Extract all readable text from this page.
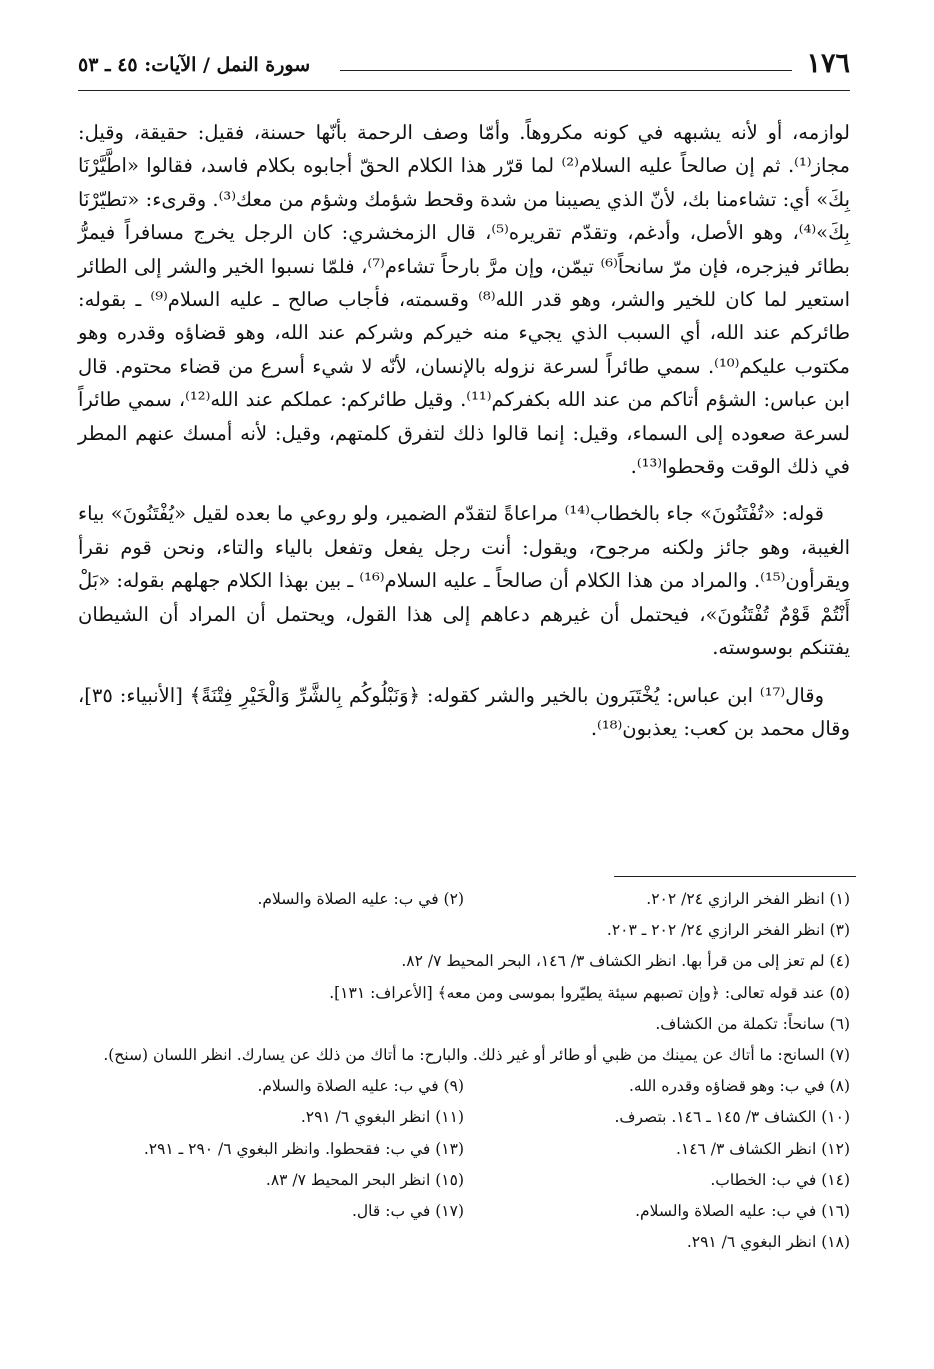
١٧٦
سورة النمل / الآيات: ٤٥ ـ ٥٣

لوازمه، أو لأنه يشبهه في كونه مكروهاً. وأمّا وصف الرحمة بأنّها حسنة، فقيل: حقيقة، وقيل: مجاز⁽¹⁾. ثم إن صالحاً عليه السلام⁽²⁾ لما قرّر هذا الكلام الحقّ أجابوه بكلام فاسد، فقالوا «اطَّيَّرْنَا بِكَ» أي: تشاءمنا بك، لأنّ الذي يصيبنا من شدة وقحط شؤمك وشؤم من معك⁽³⁾. وقرىء: «تطيّرْنَا بِكَ»⁽⁴⁾، وهو الأصل، وأدغم، وتقدّم تقريره⁽⁵⁾، قال الزمخشري: كان الرجل يخرج مسافراً فيمرُّ بطائر فيزجره، فإن مرّ سانحاً⁽⁶⁾ تيمّن، وإن مرَّ بارحاً تشاءم⁽⁷⁾، فلمّا نسبوا الخير والشر إلى الطائر استعير لما كان للخير والشر، وهو قدر الله⁽⁸⁾ وقسمته، فأجاب صالح ـ عليه السلام⁽⁹⁾ ـ بقوله: طائركم عند الله، أي السبب الذي يجيء منه خيركم وشركم عند الله، وهو قضاؤه وقدره وهو مكتوب عليكم⁽¹⁰⁾. سمي طائراً لسرعة نزوله بالإنسان، لأنّه لا شيء أسرع من قضاء محتوم. قال ابن عباس: الشؤم أتاكم من عند الله بكفركم⁽¹¹⁾. وقيل طائركم: عملكم عند الله⁽¹²⁾، سمي طائراً لسرعة صعوده إلى السماء، وقيل: إنما قالوا ذلك لتفرق كلمتهم، وقيل: لأنه أمسك عنهم المطر في ذلك الوقت وقحطوا⁽¹³⁾.

قوله: «تُفْتَنُونَ» جاء بالخطاب⁽¹⁴⁾ مراعاةً لتقدّم الضمير، ولو روعي ما بعده لقيل «يُفْتَنُونَ» بياء الغيبة، وهو جائز ولكنه مرجوح، ويقول: أنت رجل يفعل وتفعل بالياء والتاء، ونحن قوم نقرأ ويقرأون⁽¹⁵⁾. والمراد من هذا الكلام أن صالحاً ـ عليه السلام⁽¹⁶⁾ ـ بين بهذا الكلام جهلهم بقوله: «بَلْ أَنْتُمْ قَوْمٌ تُفْتَنُونَ»، فيحتمل أن غيرهم دعاهم إلى هذا القول، ويحتمل أن المراد أن الشيطان يفتنكم بوسوسته.

وقال⁽¹⁷⁾ ابن عباس: يُخْتَبَرون بالخير والشر كقوله: ﴿وَنَبْلُوكُم بِالشَّرِّ وَالْخَيْرِ فِتْنَةً﴾ [الأنبياء: ٣٥]، وقال محمد بن كعب: يعذبون⁽¹⁸⁾.

(١) انظر الفخر الرازي ٢٤/ ٢٠٢.
(٢) في ب: عليه الصلاة والسلام.
(٣) انظر الفخر الرازي ٢٤/ ٢٠٢ ـ ٢٠٣.
(٤) لم تعز إلى من قرأ بها. انظر الكشاف ٣/ ١٤٦، البحر المحيط ٧/ ٨٢.
(٥) عند قوله تعالى: ﴿وإن تصبهم سيئة يطيّروا بموسى ومن معه﴾ [الأعراف: ١٣١].
(٦) سانحاً: تكملة من الكشاف.
(٧) السانح: ما أتاك عن يمينك من ظبي أو طائر أو غير ذلك. والبارح: ما أتاك من ذلك عن يسارك. انظر اللسان (سنح).
(٨) في ب: وهو قضاؤه وقدره الله.
(٩) في ب: عليه الصلاة والسلام.
(١٠) الكشاف ٣/ ١٤٥ ـ ١٤٦. بتصرف.
(١١) انظر البغوي ٦/ ٢٩١.
(١٢) انظر الكشاف ٣/ ١٤٦.
(١٣) في ب: فقحطوا. وانظر البغوي ٦/ ٢٩٠ ـ ٢٩١.
(١٤) في ب: الخطاب.
(١٥) انظر البحر المحيط ٧/ ٨٣.
(١٦) في ب: عليه الصلاة والسلام.
(١٧) في ب: قال.
(١٨) انظر البغوي ٦/ ٢٩١.
